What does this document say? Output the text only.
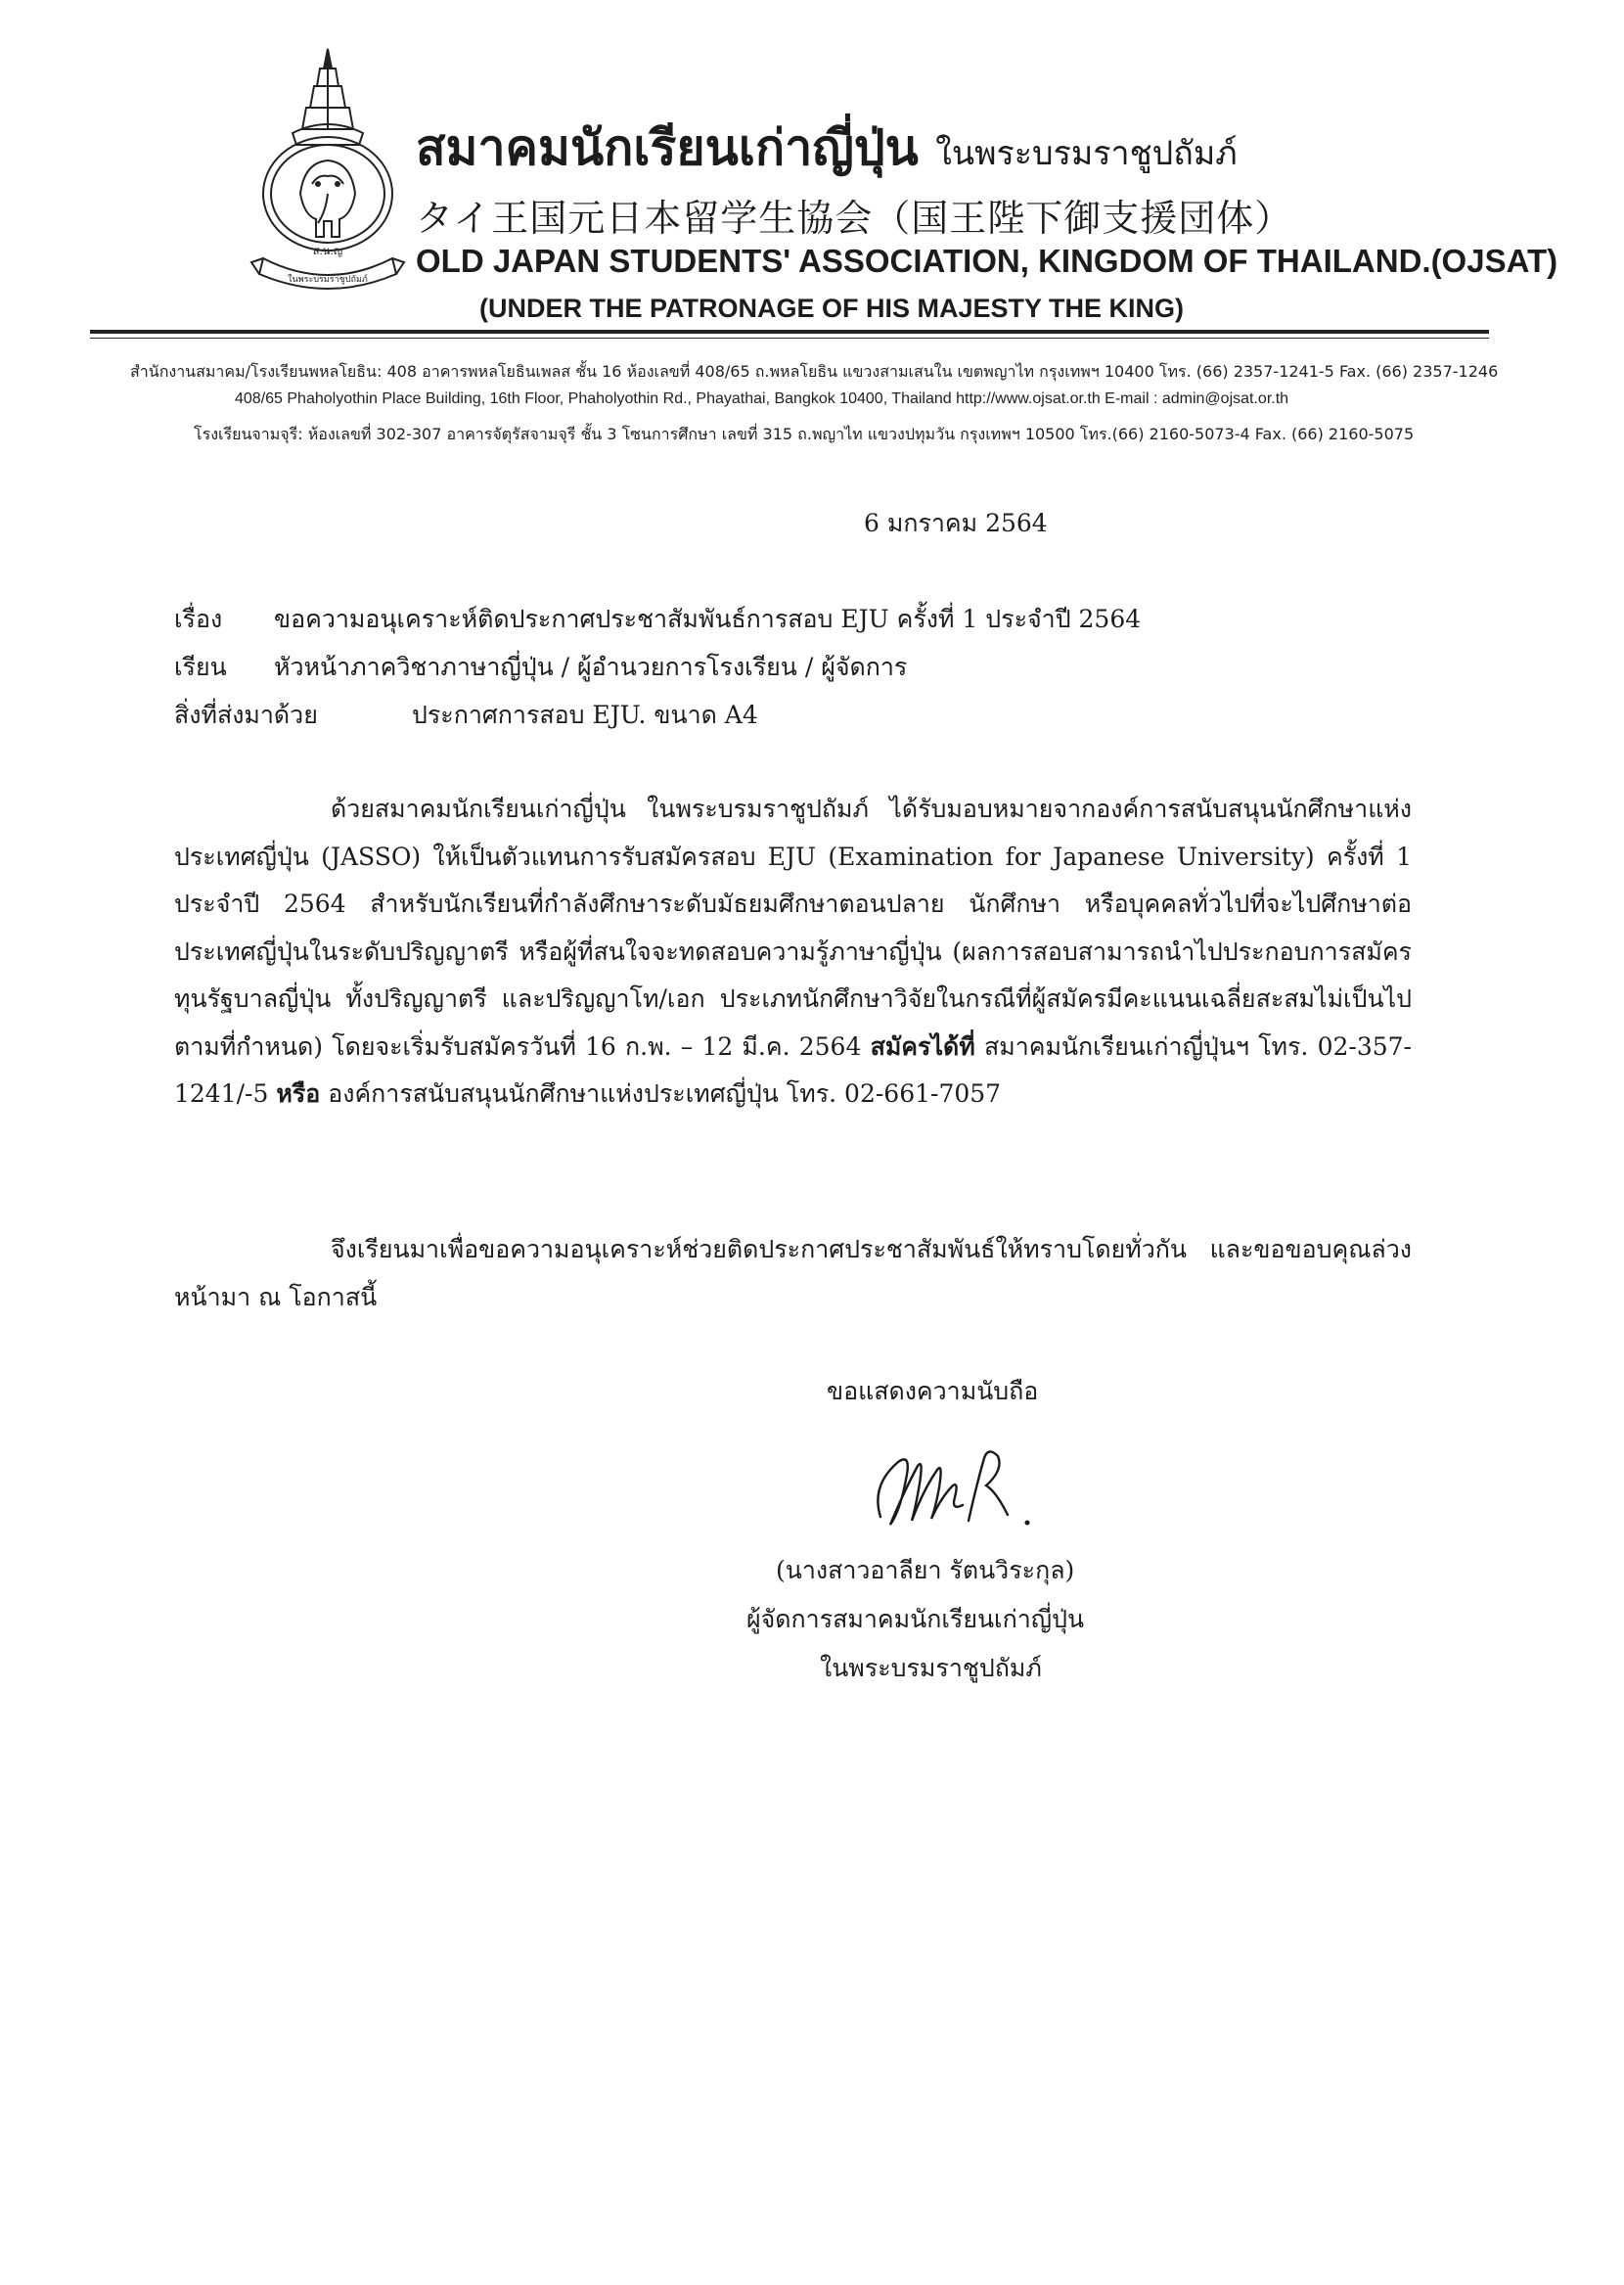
ส.น.ญ
ในพระบรมราชูปถัมภ์
สมาคมนักเรียนเก่าญี่ปุ่น ในพระบรมราชูปถัมภ์
タイ王国元日本留学生協会（国王陛下御支援団体）
OLD JAPAN STUDENTS' ASSOCIATION, KINGDOM OF THAILAND.(OJSAT)
(UNDER THE PATRONAGE OF HIS MAJESTY THE KING)
สำนักงานสมาคม/โรงเรียนพหลโยธิน: 408 อาคารพหลโยธินเพลส ชั้น 16 ห้องเลขที่ 408/65 ถ.พหลโยธิน แขวงสามเสนใน เขตพญาไท กรุงเทพฯ 10400 โทร. (66) 2357-1241-5 Fax. (66) 2357-1246
408/65 Phaholyothin Place Building, 16th Floor, Phaholyothin Rd., Phayathai, Bangkok 10400, Thailand http://www.ojsat.or.th E-mail : admin@ojsat.or.th
โรงเรียนจามจุรี: ห้องเลขที่ 302-307 อาคารจัตุรัสจามจุรี ชั้น 3 โซนการศึกษา เลขที่ 315 ถ.พญาไท แขวงปทุมวัน กรุงเทพฯ 10500 โทร.(66) 2160-5073-4 Fax. (66) 2160-5075
6 มกราคม 2564
เรื่อง ขอความอนุเคราะห์ติดประกาศประชาสัมพันธ์การสอบ EJU ครั้งที่ 1 ประจำปี 2564
เรียน หัวหน้าภาควิชาภาษาญี่ปุ่น / ผู้อำนวยการโรงเรียน / ผู้จัดการ
สิ่งที่ส่งมาด้วย	ประกาศการสอบ EJU. ขนาด A4
ด้วยสมาคมนักเรียนเก่าญี่ปุ่น ในพระบรมราชูปถัมภ์ ได้รับมอบหมายจากองค์การสนับสนุนนักศึกษาแห่งประเทศญี่ปุ่น (JASSO) ให้เป็นตัวแทนการรับสมัครสอบ EJU (Examination for Japanese University) ครั้งที่ 1 ประจำปี 2564 สำหรับนักเรียนที่กำลังศึกษาระดับมัธยมศึกษาตอนปลาย นักศึกษา หรือบุคคลทั่วไปที่จะไปศึกษาต่อประเทศญี่ปุ่นในระดับปริญญาตรี หรือผู้ที่สนใจจะทดสอบความรู้ภาษาญี่ปุ่น (ผลการสอบสามารถนำไปประกอบการสมัครทุนรัฐบาลญี่ปุ่น ทั้งปริญญาตรี และปริญญาโท/เอก ประเภทนักศึกษาวิจัยในกรณีที่ผู้สมัครมีคะแนนเฉลี่ยสะสมไม่เป็นไปตามที่กำหนด) โดยจะเริ่มรับสมัครวันที่ 16 ก.พ. – 12 มี.ค. 2564 สมัครได้ที่ สมาคมนักเรียนเก่าญี่ปุ่นฯ โทร. 02-357-1241/-5 หรือ องค์การสนับสนุนนักศึกษาแห่งประเทศญี่ปุ่น โทร. 02-661-7057
จึงเรียนมาเพื่อขอความอนุเคราะห์ช่วยติดประกาศประชาสัมพันธ์ให้ทราบโดยทั่วกัน และขอขอบคุณล่วงหน้ามา ณ โอกาสนี้
ขอแสดงความนับถือ
(นางสาวอาลียา รัตนวิระกุล)
ผู้จัดการสมาคมนักเรียนเก่าญี่ปุ่น
ในพระบรมราชูปถัมภ์
